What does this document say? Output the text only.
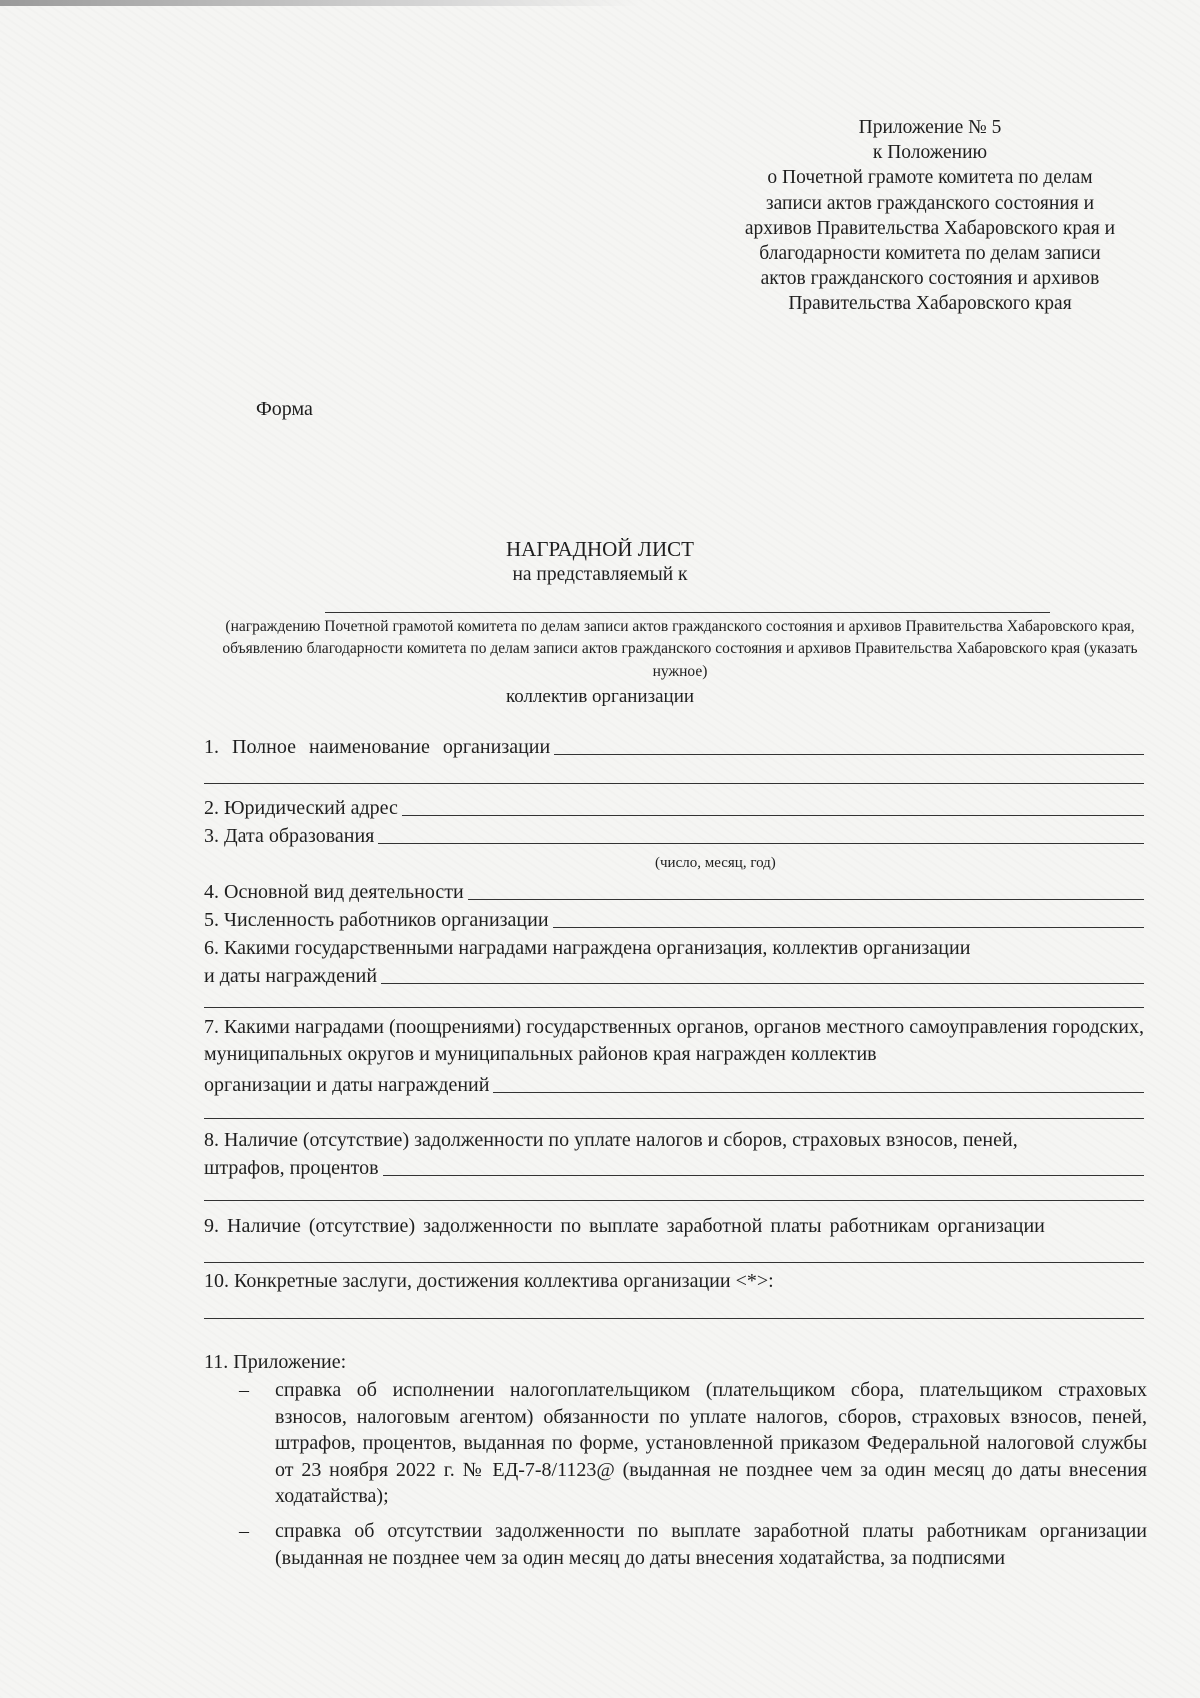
Приложение № 5
к Положению
о Почетной грамоте комитета по делам
записи актов гражданского состояния и
архивов Правительства Хабаровского края и
благодарности комитета по делам записи
актов гражданского состояния и архивов
Правительства Хабаровского края
Форма
НАГРАДНОЙ ЛИСТ
на представляемый к
(награждению Почетной грамотой комитета по делам записи актов гражданского состояния и архивов Правительства Хабаровского края, объявлению благодарности комитета по делам записи актов гражданского состояния и архивов Правительства Хабаровского края (указать нужное)
коллектив организации
1. Полное наименование организации
2. Юридический адрес
3. Дата образования
(число, месяц, год)
4. Основной вид деятельности
5. Численность работников организации
6. Какими государственными наградами награждена организация, коллектив организации
и даты награждений
7. Какими наградами (поощрениями) государственных органов, органов местного самоуправления городских, муниципальных округов и муниципальных районов края награжден коллектив
организации и даты награждений
8. Наличие (отсутствие) задолженности по уплате налогов и сборов, страховых взносов, пеней,
штрафов, процентов
9. Наличие (отсутствие) задолженности по выплате заработной платы работникам организации
10. Конкретные заслуги, достижения коллектива организации <*>:
11. Приложение:
– справка об исполнении налогоплательщиком (плательщиком сбора, плательщиком страховых взносов, налоговым агентом) обязанности по уплате налогов, сборов, страховых взносов, пеней, штрафов, процентов, выданная по форме, установленной приказом Федеральной налоговой службы от 23 ноября 2022 г. № ЕД-7-8/1123@ (выданная не позднее чем за один месяц до даты внесения ходатайства);
– справка об отсутствии задолженности по выплате заработной платы работникам организации (выданная не позднее чем за один месяц до даты внесения ходатайства, за подписями
